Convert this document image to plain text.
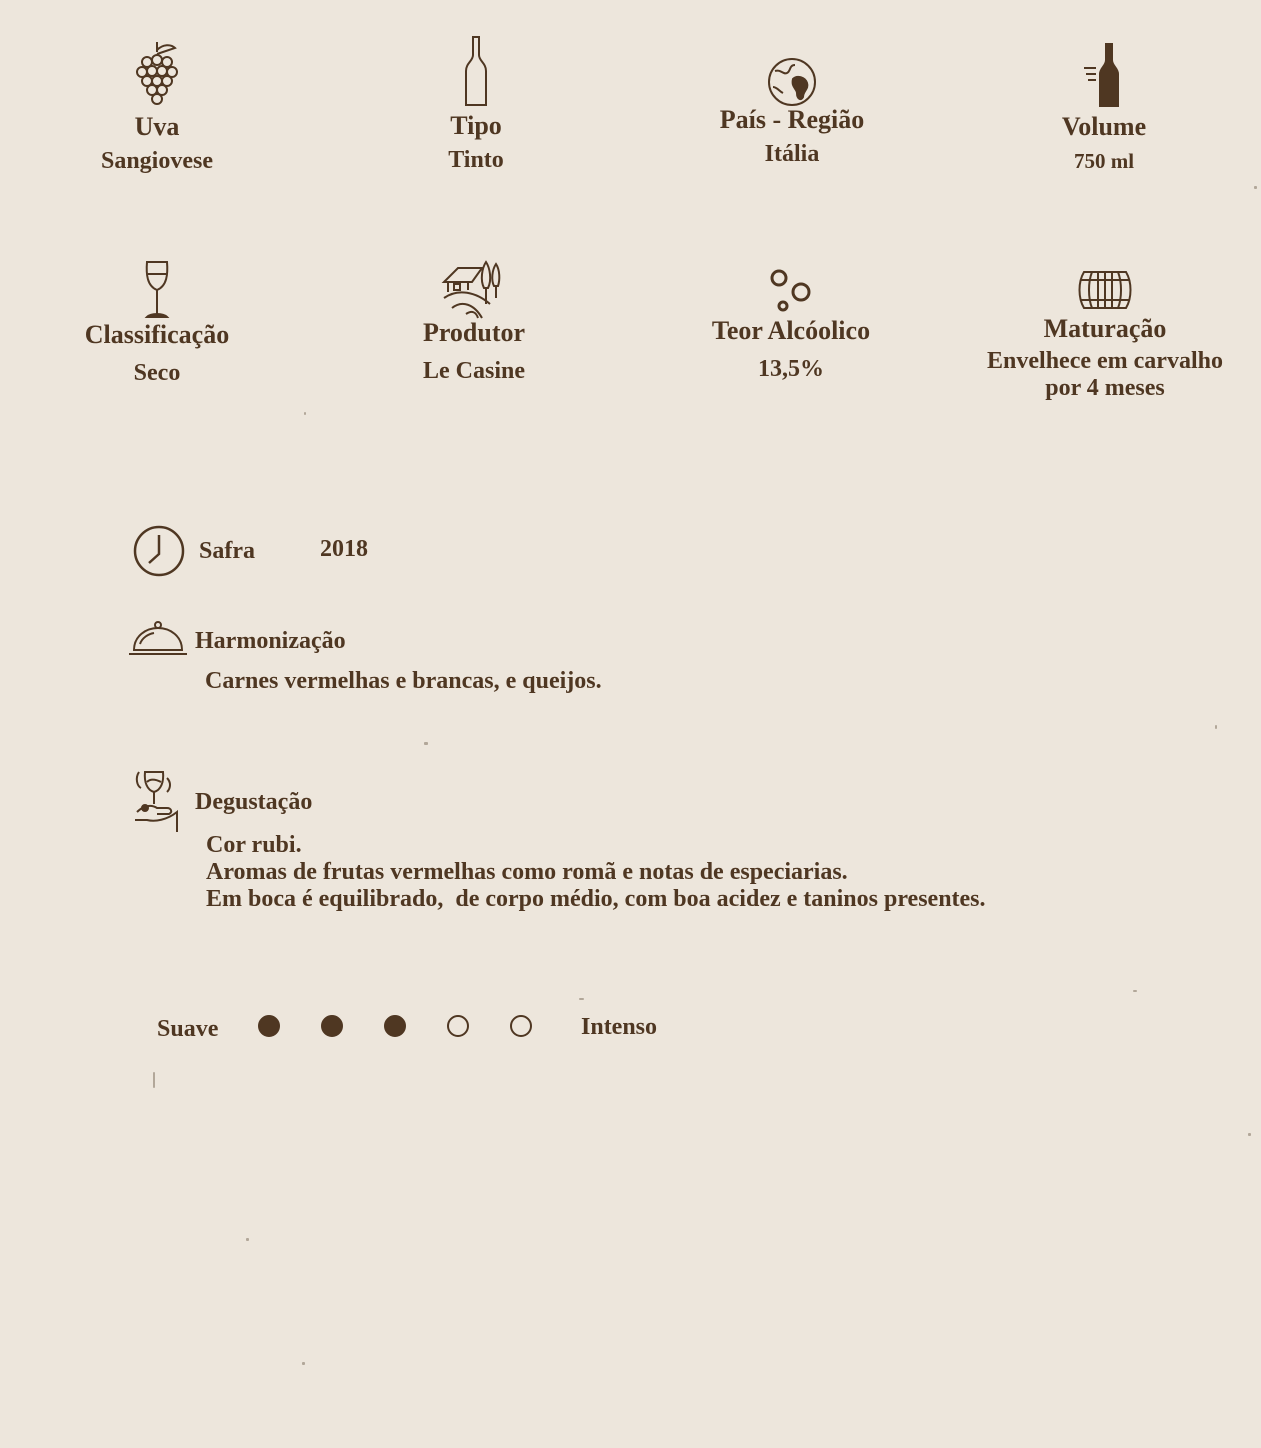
Uva
Sangiovese
Tipo
Tinto
País - Região
Itália
Volume
750 ml
Classificação
Seco
Produtor
Le Casine
Teor Alcóolico
13,5%
Maturação
Envelhece em carvalho
por 4 meses
Safra	2018
Harmonização
Carnes vermelhas e brancas, e queijos.
Degustação
Cor rubi.
Aromas de frutas vermelhas como romã e notas de especiarias.
Em boca é equilibrado,  de corpo médio, com boa acidez e taninos presentes.
Suave	Intenso
